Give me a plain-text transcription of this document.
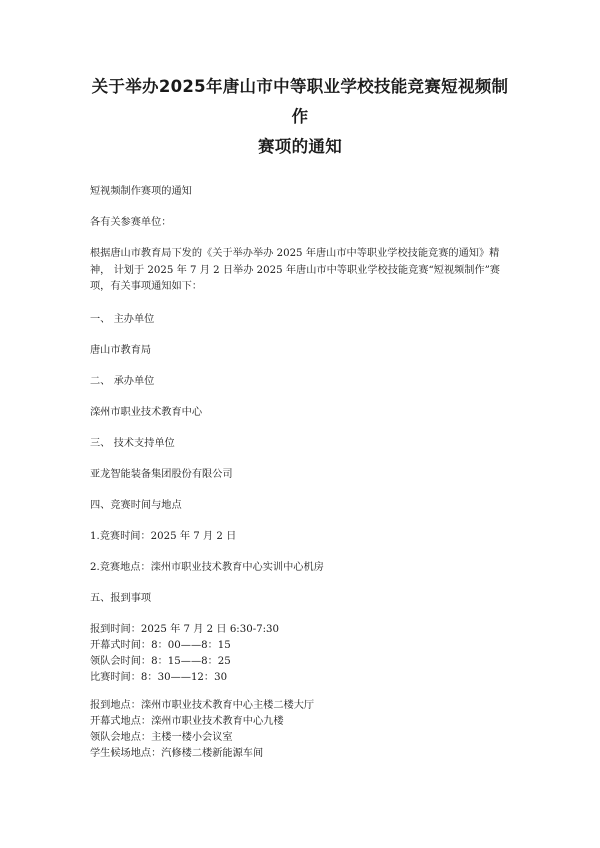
关于举办2025年唐山市中等职业学校技能竞赛短视频制作
赛项的通知

短视频制作赛项的通知

各有关参赛单位：

根据唐山市教育局下发的《关于举办举办 2025 年唐山市中等职业学校技能竞赛的通知》精神， 计划于 2025 年 7 月 2 日举办 2025 年唐山市中等职业学校技能竞赛“短视频制作”赛项，有关事项通知如下：

一、 主办单位

唐山市教育局

二、 承办单位

滦州市职业技术教育中心

三、 技术支持单位

亚龙智能装备集团股份有限公司

四、竞赛时间与地点

1.竞赛时间：2025 年 7 月 2 日

2.竞赛地点：滦州市职业技术教育中心实训中心机房

五、报到事项

报到时间：2025 年 7 月 2 日 6:30-7:30
开幕式时间：8：00——8：15
领队会时间：8：15——8：25
比赛时间：8：30——12：30
报到地点：滦州市职业技术教育中心主楼二楼大厅
开幕式地点：滦州市职业技术教育中心九楼
领队会地点：主楼一楼小会议室
学生候场地点：汽修楼二楼新能源车间
